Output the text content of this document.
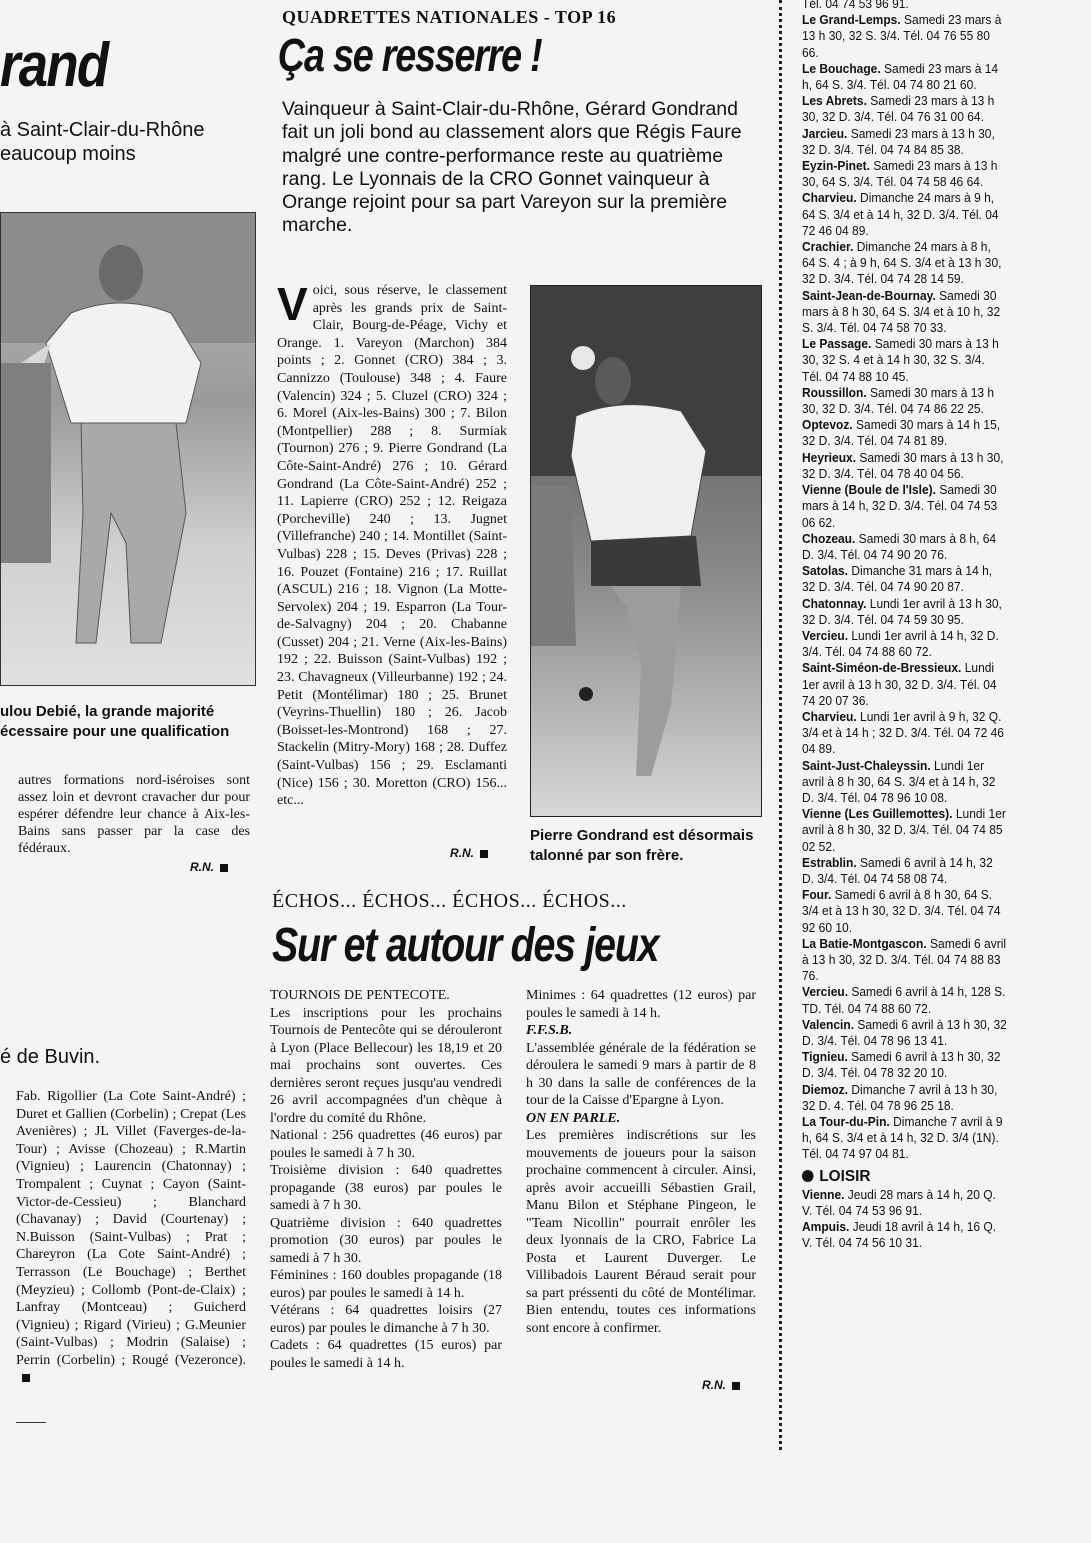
rand
à Saint-Clair-du-Rhône eaucoup moins
ulou Debié, la grande majorité écessaire pour une qualification
autres formations nord-iséroises sont assez loin et devront cravacher dur pour espérer défendre leur chance à Aix-les-Bains sans passer par la case des fédéraux.
R.N.
é de Buvin.
Fab. Rigollier (La Cote Saint-André) ; Duret et Gallien (Corbelin) ; Crepat (Les Avenières) ; JL Villet (Faverges-de-la-Tour) ; Avisse (Chozeau) ; R.Martin (Vignieu) ; Laurencin (Chatonnay) ; Trompalent ; Cuynat ; Cayon (Saint-Victor-de-Cessieu) ; Blanchard (Chavanay) ; David (Courtenay) ; N.Buisson (Saint-Vulbas) ; Prat ; Chareyron (La Cote Saint-André) ; Terrasson (Le Bouchage) ; Berthet (Meyzieu) ; Collomb (Pont-de-Claix) ; Lanfray (Montceau) ; Guicherd (Vignieu) ; Rigard (Virieu) ; G.Meunier (Saint-Vulbas) ; Modrin (Salaise) ; Perrin (Corbelin) ; Rougé (Vezeronce).
QUADRETTES NATIONALES - TOP 16
Ça se resserre !
Vainqueur à Saint-Clair-du-Rhône, Gérard Gondrand fait un joli bond au classement alors que Régis Faure malgré une contre-performance reste au quatrième rang. Le Lyonnais de la CRO Gonnet vainqueur à Orange rejoint pour sa part Vareyon sur la première marche.
Voici, sous réserve, le classement après les grands prix de Saint-Clair, Bourg-de-Péage, Vichy et Orange. 1. Vareyon (Marchon) 384 points ; 2. Gonnet (CRO) 384 ; 3. Cannizzo (Toulouse) 348 ; 4. Faure (Valencin) 324 ; 5. Cluzel (CRO) 324 ; 6. Morel (Aix-les-Bains) 300 ; 7. Bilon (Montpellier) 288 ; 8. Surmiak (Tournon) 276 ; 9. Pierre Gondrand (La Côte-Saint-André) 276 ; 10. Gérard Gondrand (La Côte-Saint-André) 252 ; 11. Lapierre (CRO) 252 ; 12. Reigaza (Porcheville) 240 ; 13. Jugnet (Villefranche) 240 ; 14. Montillet (Saint-Vulbas) 228 ; 15. Deves (Privas) 228 ; 16. Pouzet (Fontaine) 216 ; 17. Ruillat (ASCUL) 216 ; 18. Vignon (La Motte-Servolex) 204 ; 19. Esparron (La Tour-de-Salvagny) 204 ; 20. Chabanne (Cusset) 204 ; 21. Verne (Aix-les-Bains) 192 ; 22. Buisson (Saint-Vulbas) 192 ; 23. Chavagneux (Villeurbanne) 192 ; 24. Petit (Montélimar) 180 ; 25. Brunet (Veyrins-Thuellin) 180 ; 26. Jacob (Boisset-les-Montrond) 168 ; 27. Stackelin (Mitry-Mory) 168 ; 28. Duffez (Saint-Vulbas) 156 ; 29. Esclamanti (Nice) 156 ; 30. Moretton (CRO) 156... etc...
R.N.
Pierre Gondrand est désormais talonné par son frère.
ÉCHOS... ÉCHOS... ÉCHOS... ÉCHOS...
Sur et autour des jeux
TOURNOIS DE PENTECOTE.
Les inscriptions pour les prochains Tournois de Pentecôte qui se dérouleront à Lyon (Place Bellecour) les 18,19 et 20 mai prochains sont ouvertes. Ces dernières seront reçues jusqu'au vendredi 26 avril accompagnées d'un chèque à l'ordre du comité du Rhône.
National : 256 quadrettes (46 euros) par poules le samedi à 7 h 30.
Troisième division : 640 quadrettes propagande (38 euros) par poules le samedi à 7 h 30.
Quatrième division : 640 quadrettes promotion (30 euros) par poules le samedi à 7 h 30.
Féminines : 160 doubles propagande (18 euros) par poules le samedi à 14 h.
Vétérans : 64 quadrettes loisirs (27 euros) par poules le dimanche à 7 h 30.
Cadets : 64 quadrettes (15 euros) par poules le samedi à 14 h.
Minimes : 64 quadrettes (12 euros) par poules le samedi à 14 h.
F.F.S.B.
L'assemblée générale de la fédération se déroulera le samedi 9 mars à partir de 8 h 30 dans la salle de conférences de la tour de la Caisse d'Epargne à Lyon.
ON EN PARLE.
Les premières indiscrétions sur les mouvements de joueurs pour la saison prochaine commencent à circuler. Ainsi, après avoir accueilli Sébastien Grail, Manu Bilon et Stéphane Pingeon, le "Team Nicollin" pourrait enrôler les deux lyonnais de la CRO, Fabrice La Posta et Laurent Duverger. Le Villibadois Laurent Béraud serait pour sa part préssenti du côté de Montélimar. Bien entendu, toutes ces informations sont encore à confirmer.
R.N.
Tél. 04 74 53 96 91.
Le Grand-Lemps. Samedi 23 mars à 13 h 30, 32 S. 3/4. Tél. 04 76 55 80 66.
Le Bouchage. Samedi 23 mars à 14 h, 64 S. 3/4. Tél. 04 74 80 21 60.
Les Abrets. Samedi 23 mars à 13 h 30, 32 D. 3/4. Tél. 04 76 31 00 64.
Jarcieu. Samedi 23 mars à 13 h 30, 32 D. 3/4. Tél. 04 74 84 85 38.
Eyzin-Pinet. Samedi 23 mars à 13 h 30, 64 S. 3/4. Tél. 04 74 58 46 64.
Charvieu. Dimanche 24 mars à 9 h, 64 S. 3/4 et à 14 h, 32 D. 3/4. Tél. 04 72 46 04 89.
Crachier. Dimanche 24 mars à 8 h, 64 S. 4 ; à 9 h, 64 S. 3/4 et à 13 h 30, 32 D. 3/4. Tél. 04 74 28 14 59.
Saint-Jean-de-Bournay. Samedi 30 mars à 8 h 30, 64 S. 3/4 et à 10 h, 32 S. 3/4. Tél. 04 74 58 70 33.
Le Passage. Samedi 30 mars à 13 h 30, 32 S. 4 et à 14 h 30, 32 S. 3/4. Tél. 04 74 88 10 45.
Roussillon. Samedi 30 mars à 13 h 30, 32 D. 3/4. Tél. 04 74 86 22 25.
Optevoz. Samedi 30 mars à 14 h 15, 32 D. 3/4. Tél. 04 74 81 89.
Heyrieux. Samedi 30 mars à 13 h 30, 32 D. 3/4. Tél. 04 78 40 04 56.
Vienne (Boule de l'Isle). Samedi 30 mars à 14 h, 32 D. 3/4. Tél. 04 74 53 06 62.
Chozeau. Samedi 30 mars à 8 h, 64 D. 3/4. Tél. 04 74 90 20 76.
Satolas. Dimanche 31 mars à 14 h, 32 D. 3/4. Tél. 04 74 90 20 87.
Chatonnay. Lundi 1er avril à 13 h 30, 32 D. 3/4. Tél. 04 74 59 30 95.
Vercieu. Lundi 1er avril à 14 h, 32 D. 3/4. Tél. 04 74 88 60 72.
Saint-Siméon-de-Bressieux. Lundi 1er avril à 13 h 30, 32 D. 3/4. Tél. 04 74 20 07 36.
Charvieu. Lundi 1er avril à 9 h, 32 Q. 3/4 et à 14 h ; 32 D. 3/4. Tél. 04 72 46 04 89.
Saint-Just-Chaleyssin. Lundi 1er avril à 8 h 30, 64 S. 3/4 et à 14 h, 32 D. 3/4. Tél. 04 78 96 10 08.
Vienne (Les Guillemottes). Lundi 1er avril à 8 h 30, 32 D. 3/4. Tél. 04 74 85 02 52.
Estrablin. Samedi 6 avril à 14 h, 32 D. 3/4. Tél. 04 74 58 08 74.
Four. Samedi 6 avril à 8 h 30, 64 S. 3/4 et à 13 h 30, 32 D. 3/4. Tél. 04 74 92 60 10.
La Batie-Montgascon. Samedi 6 avril à 13 h 30, 32 D. 3/4. Tél. 04 74 88 83 76.
Vercieu. Samedi 6 avril à 14 h, 128 S. TD. Tél. 04 74 88 60 72.
Valencin. Samedi 6 avril à 13 h 30, 32 D. 3/4. Tél. 04 78 96 13 41.
Tignieu. Samedi 6 avril à 13 h 30, 32 D. 3/4. Tél. 04 78 32 20 10.
Diemoz. Dimanche 7 avril à 13 h 30, 32 D. 4. Tél. 04 78 96 25 18.
La Tour-du-Pin. Dimanche 7 avril à 9 h, 64 S. 3/4 et à 14 h, 32 D. 3/4 (1N). Tél. 04 74 97 04 81.
LOISIR
Vienne. Jeudi 28 mars à 14 h, 20 Q. V. Tél. 04 74 53 96 91.
Ampuis. Jeudi 18 avril à 14 h, 16 Q. V. Tél. 04 74 56 10 31.
